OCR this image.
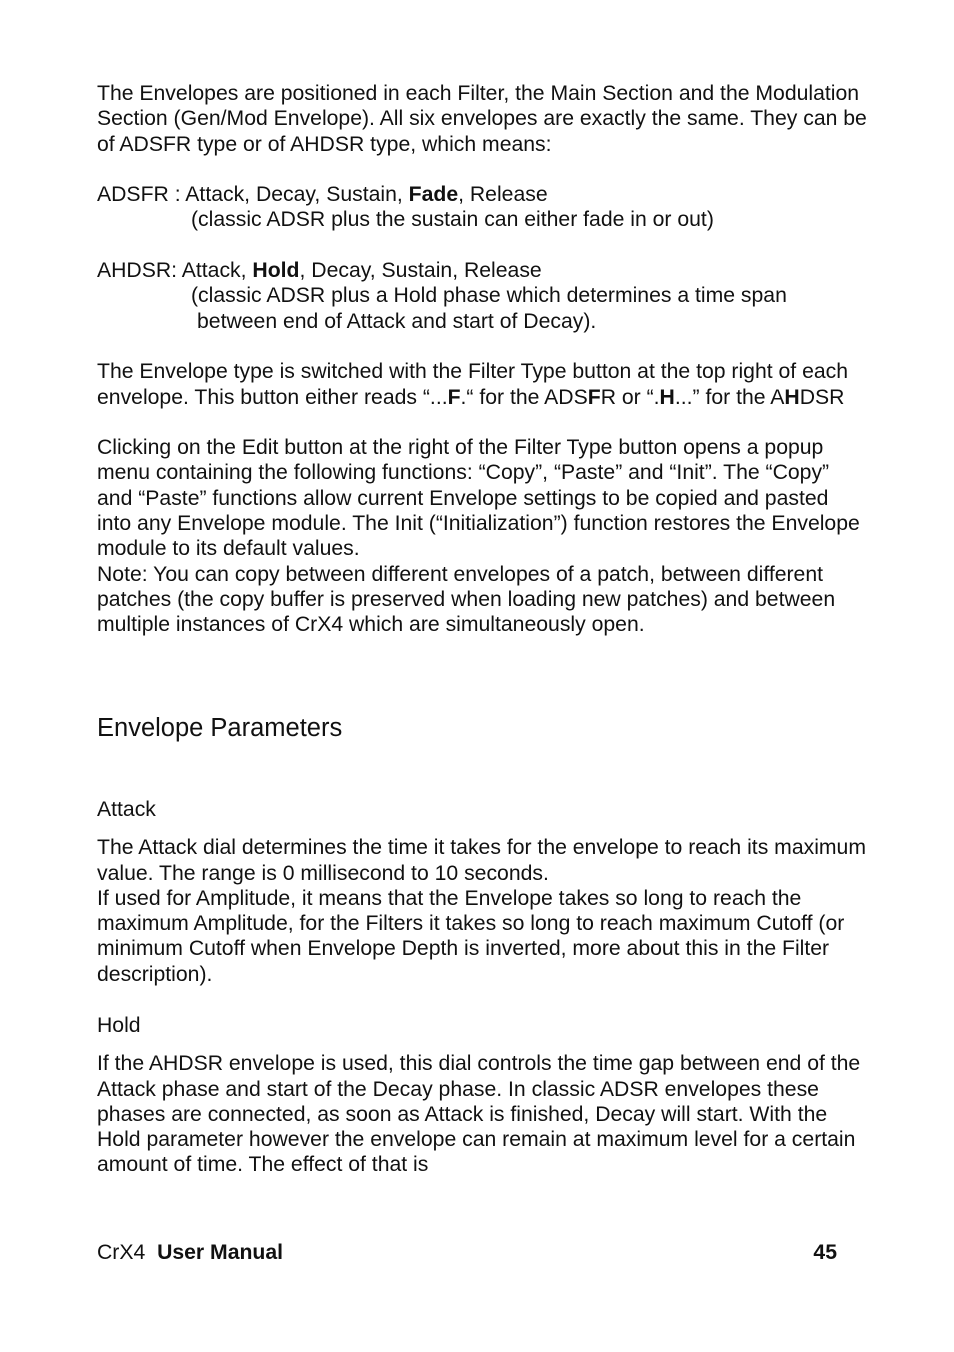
The Envelopes are positioned in each Filter, the Main Section and the Modulation Section (Gen/Mod Envelope). All six envelopes are exactly the same. They can be of ADSFR type or of AHDSR type, which means:

ADSFR : Attack, Decay, Sustain, Fade, Release

(classic ADSR plus the sustain can either fade in or out)

AHDSR: Attack, Hold, Decay, Sustain, Release

(classic ADSR plus a Hold phase which determines a time span

between end of Attack and start of Decay).

The Envelope type is switched with the Filter Type button at the top right of each envelope. This button either reads “...F.“ for the ADSFR or “.H...” for the AHDSR

Clicking on the Edit button at the right of the Filter Type button opens a popup menu containing the following functions: “Copy”, “Paste” and “Init”. The “Copy” and “Paste” functions allow current Envelope settings to be copied and pasted into any Envelope module. The Init (“Initialization”) function restores the Envelope module to its default values.

Note: You can copy between different envelopes of a patch, between different patches (the copy buffer is preserved when loading new patches) and between multiple instances of CrX4 which are simultaneously open.

Envelope Parameters

Attack

The Attack dial determines the time it takes for the envelope to reach its maximum value. The range is 0 millisecond to 10 seconds.

If used for Amplitude, it means that the Envelope takes so long to reach the maximum Amplitude, for the Filters it takes so long to reach maximum Cutoff (or minimum Cutoff when Envelope Depth is inverted, more about this in the Filter description).

Hold

If the AHDSR envelope is used, this dial controls the time gap between end of the Attack phase and start of the Decay phase. In classic ADSR envelopes these phases are connected, as soon as Attack is finished, Decay will start. With the Hold parameter however the envelope can remain at maximum level for a certain amount of time. The effect of that is

CrX4 User Manual	45
